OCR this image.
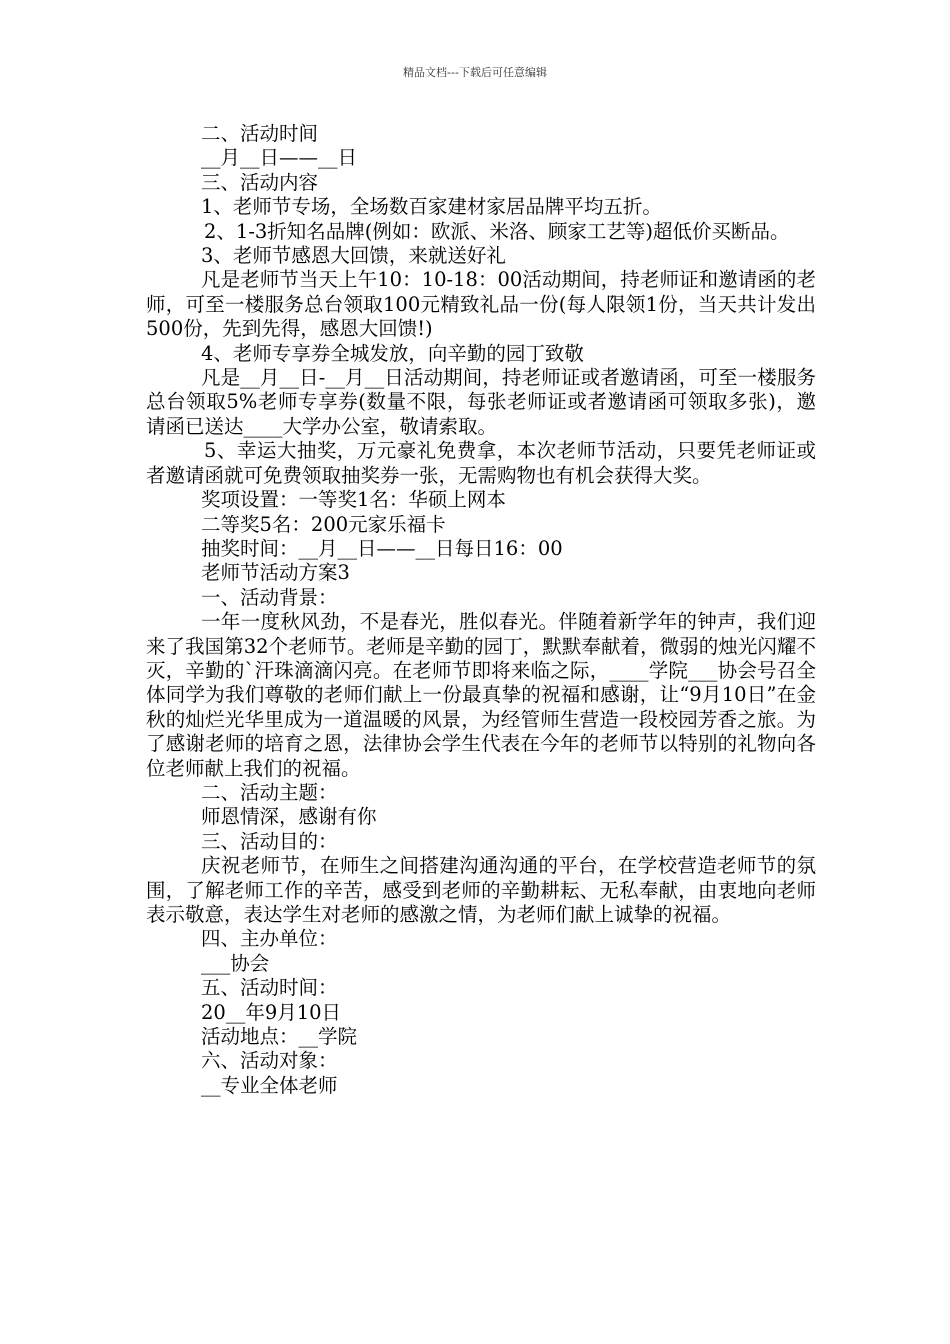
精品文档---下载后可任意编辑

二、活动时间

__月__日——__日

三、活动内容

1、老师节专场，全场数百家建材家居品牌平均五折。

2、1-3折知名品牌(例如：欧派、米洛、顾家工艺等)超低价买断品。

3、老师节感恩大回馈，来就送好礼

凡是老师节当天上午10：10-18：00活动期间，持老师证和邀请函的老师，可至一楼服务总台领取100元精致礼品一份(每人限领1份，当天共计发出500份，先到先得，感恩大回馈!)

4、老师专享券全城发放，向辛勤的园丁致敬

凡是__月__日-__月__日活动期间，持老师证或者邀请函，可至一楼服务总台领取5%老师专享券(数量不限，每张老师证或者邀请函可领取多张)，邀请函已送达____大学办公室，敬请索取。

5、幸运大抽奖，万元豪礼免费拿，本次老师节活动，只要凭老师证或者邀请函就可免费领取抽奖券一张，无需购物也有机会获得大奖。

奖项设置：一等奖1名：华硕上网本

二等奖5名：200元家乐福卡

抽奖时间：__月__日——__日每日16：00

老师节活动方案3

一、活动背景：

一年一度秋风劲，不是春光，胜似春光。伴随着新学年的钟声，我们迎来了我国第32个老师节。老师是辛勤的园丁，默默奉献着，微弱的烛光闪耀不灭，辛勤的`汗珠滴滴闪亮。在老师节即将来临之际，____学院___协会号召全体同学为我们尊敬的老师们献上一份最真挚的祝福和感谢，让“9月10日”在金秋的灿烂光华里成为一道温暖的风景，为经管师生营造一段校园芳香之旅。为了感谢老师的培育之恩，法律协会学生代表在今年的老师节以特别的礼物向各位老师献上我们的祝福。

二、活动主题：

师恩情深，感谢有你

三、活动目的：

庆祝老师节，在师生之间搭建沟通沟通的平台，在学校营造老师节的氛围，了解老师工作的辛苦，感受到老师的辛勤耕耘、无私奉献，由衷地向老师表示敬意，表达学生对老师的感激之情，为老师们献上诚挚的祝福。

四、主办单位：

___协会

五、活动时间：

20__年9月10日

活动地点：__学院

六、活动对象：

__专业全体老师
